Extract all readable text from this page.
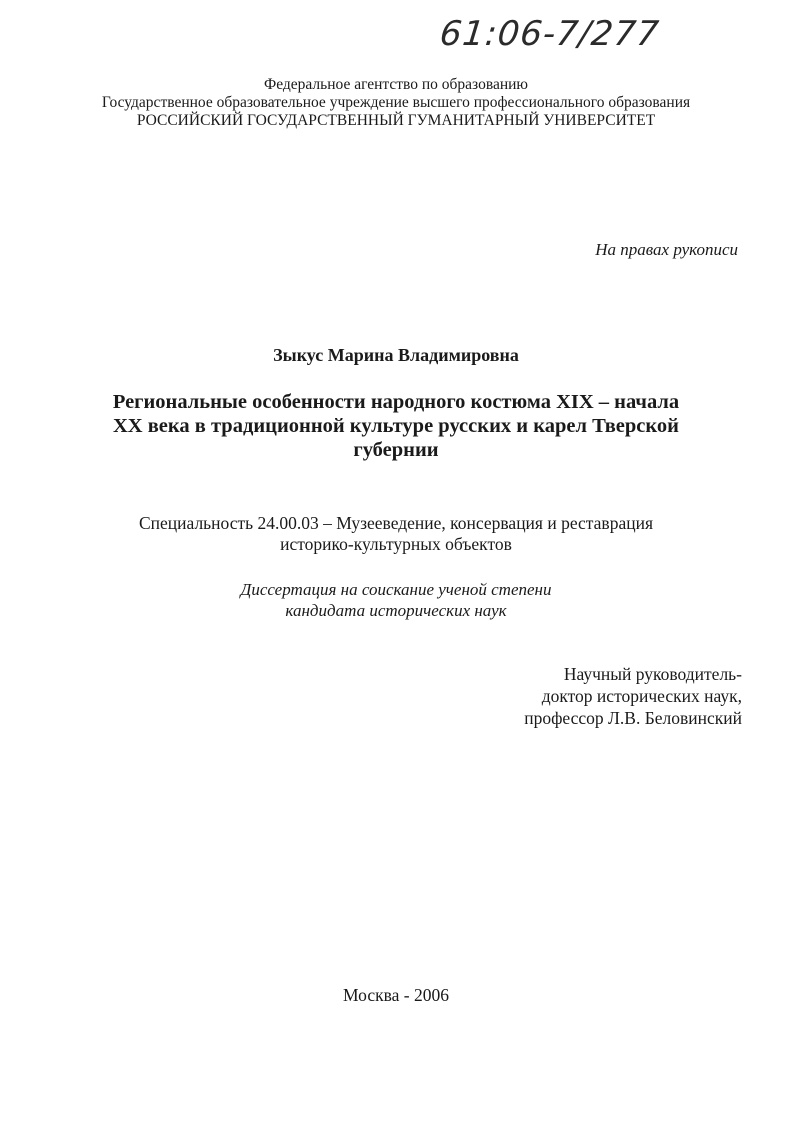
61:06-7/277
Федеральное агентство по образованию
Государственное образовательное учреждение высшего профессионального образования
РОССИЙСКИЙ ГОСУДАРСТВЕННЫЙ ГУМАНИТАРНЫЙ УНИВЕРСИТЕТ
На правах рукописи
Зыкус Марина Владимировна
Региональные особенности народного костюма XIX – начала
XX века в традиционной культуре русских и карел Тверской
губернии
Специальность 24.00.03 – Музееведение, консервация и реставрация
историко-культурных объектов
Диссертация на соискание ученой степени
кандидата исторических наук
Научный руководитель-
доктор исторических наук,
профессор Л.В. Беловинский
Москва - 2006
